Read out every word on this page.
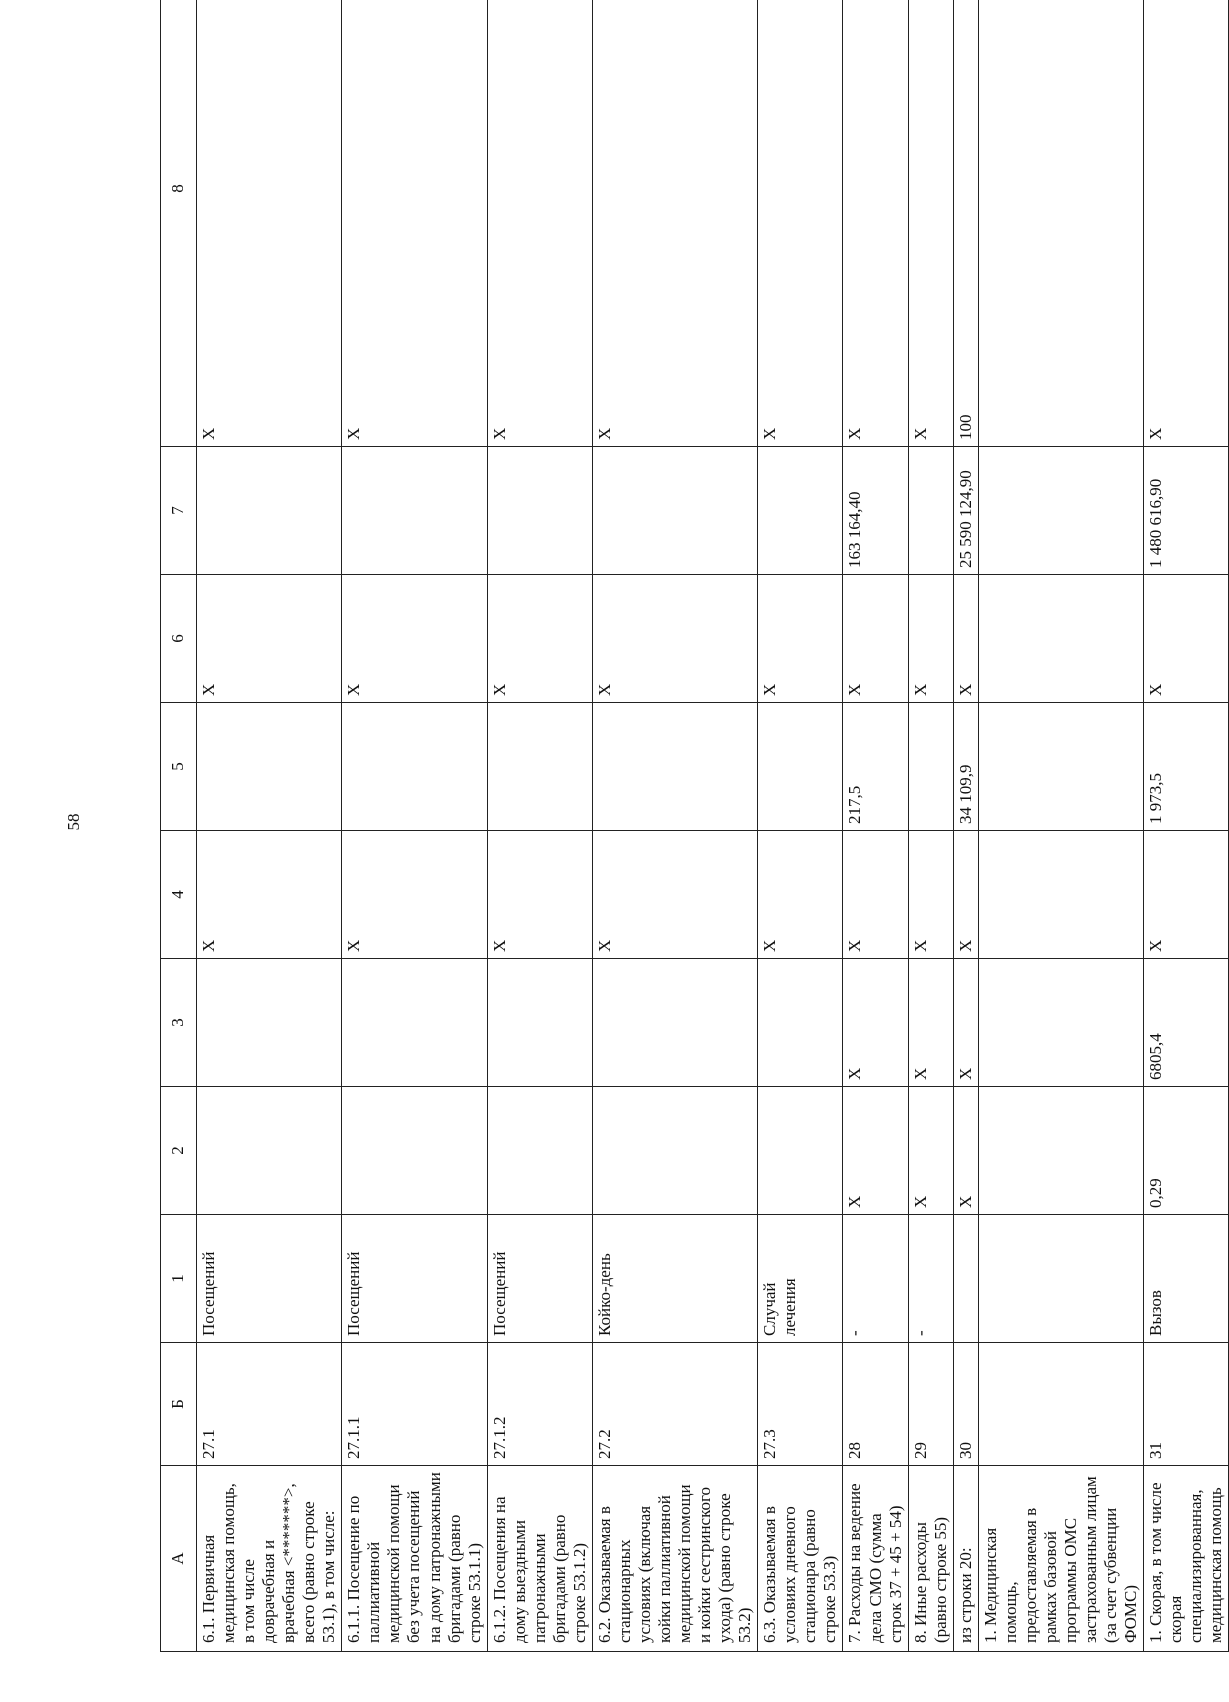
58
А	Б	1	2	3	4	5	6	7	8
6.1. Первичная медицинская помощь, в том числе доврачебная и врачебная <*******>, всего (равно строке 53.1), в том числе:	27.1	Посещений			X		X		X
6.1.1. Посещение по паллиативной медицинской помощи без учета посещений на дому патронажными бригадами (равно строке 53.1.1)	27.1.1	Посещений			X		X		X
6.1.2. Посещения на дому выездными патронажными бригадами (равно строке 53.1.2)	27.1.2	Посещений			X		X		X
6.2. Оказываемая в стационарных условиях (включая койки паллиативной медицинской помощи и койки сестринского ухода) (равно строке 53.2)	27.2	Койко-день			X		X		X
6.3. Оказываемая в условиях дневного стационара (равно строке 53.3)	27.3	Случай лечения			X		X		X
7. Расходы на ведение дела СМО (сумма строк 37 + 45 + 54)	28	-	X	X	X	217,5	X	163 164,40	X
8. Иные расходы (равно строке 55)	29	-	X	X	X		X		X
из строки 20:	30		X	X	X	34 109,9	X	25 590 124,90	100
1. Медицинская помощь, предоставляемая в рамках базовой программы ОМС застрахованным лицам (за счет субвенции ФОМС)									
1. Скорая, в том числе скорая специализированная, медицинская помощь	31	Вызов	0,29	6805,4	X	1 973,5	X	1 480 616,90	X
